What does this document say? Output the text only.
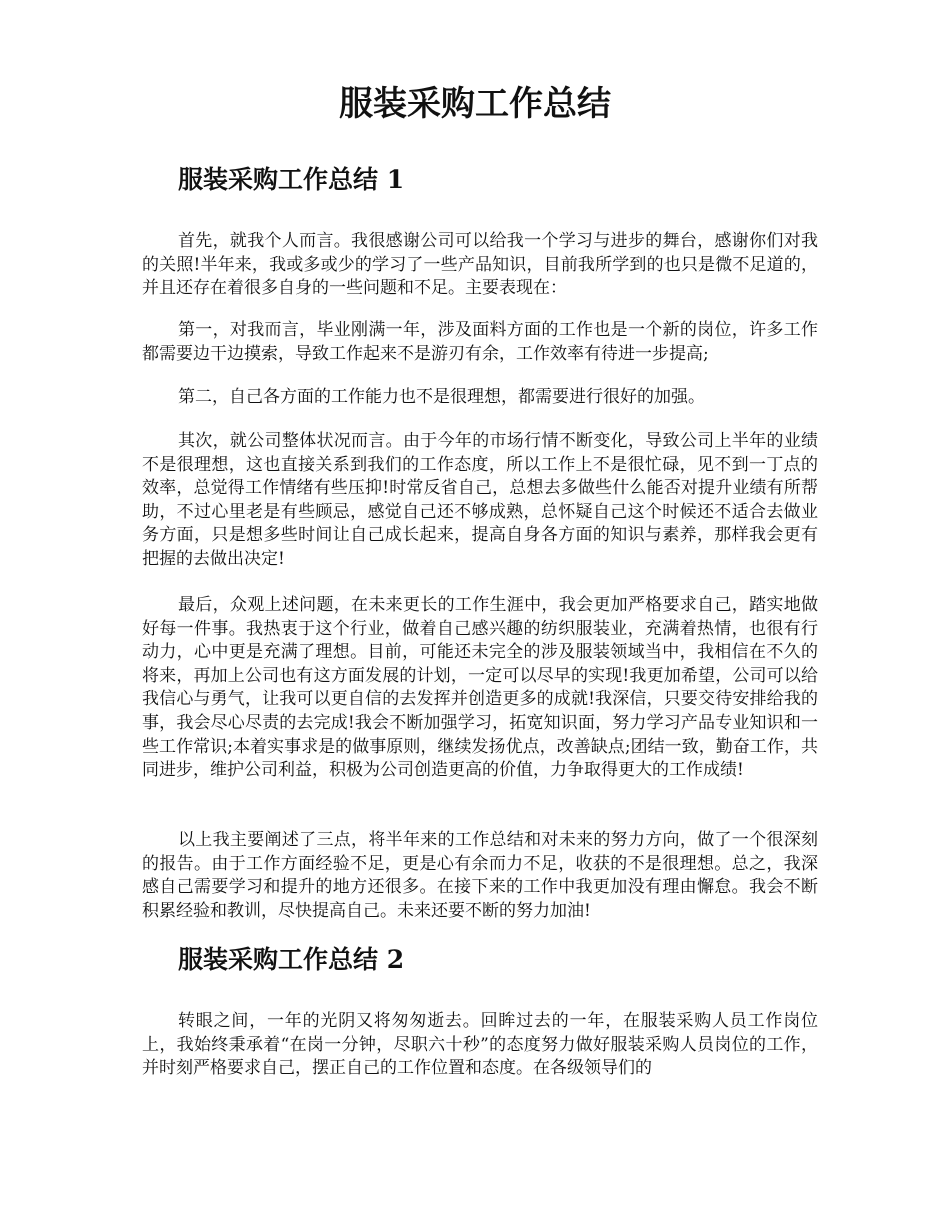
服装采购工作总结
服装采购工作总结 1

首先，就我个人而言。我很感谢公司可以给我一个学习与进步的舞台，感谢你们对我的关照!半年来，我或多或少的学习了一些产品知识，目前我所学到的也只是微不足道的，并且还存在着很多自身的一些问题和不足。主要表现在：

第一，对我而言，毕业刚满一年，涉及面料方面的工作也是一个新的岗位，许多工作都需要边干边摸索，导致工作起来不是游刃有余，工作效率有待进一步提高;

第二，自己各方面的工作能力也不是很理想，都需要进行很好的加强。

其次，就公司整体状况而言。由于今年的市场行情不断变化，导致公司上半年的业绩不是很理想，这也直接关系到我们的工作态度，所以工作上不是很忙碌，见不到一丁点的效率，总觉得工作情绪有些压抑!时常反省自己，总想去多做些什么能否对提升业绩有所帮助，不过心里老是有些顾忌，感觉自己还不够成熟，总怀疑自己这个时候还不适合去做业务方面，只是想多些时间让自己成长起来，提高自身各方面的知识与素养，那样我会更有把握的去做出决定!

最后，众观上述问题，在未来更长的工作生涯中，我会更加严格要求自己，踏实地做好每一件事。我热衷于这个行业，做着自己感兴趣的纺织服装业，充满着热情，也很有行动力，心中更是充满了理想。目前，可能还未完全的涉及服装领域当中，我相信在不久的将来，再加上公司也有这方面发展的计划，一定可以尽早的实现!我更加希望，公司可以给我信心与勇气，让我可以更自信的去发挥并创造更多的成就!我深信，只要交待安排给我的事，我会尽心尽责的去完成!我会不断加强学习，拓宽知识面，努力学习产品专业知识和一些工作常识;本着实事求是的做事原则，继续发扬优点，改善缺点;团结一致，勤奋工作，共同进步，维护公司利益，积极为公司创造更高的价值，力争取得更大的工作成绩!

以上我主要阐述了三点，将半年来的工作总结和对未来的努力方向，做了一个很深刻的报告。由于工作方面经验不足，更是心有余而力不足，收获的不是很理想。总之，我深感自己需要学习和提升的地方还很多。在接下来的工作中我更加没有理由懈怠。我会不断积累经验和教训，尽快提高自己。未来还要不断的努力加油!

服装采购工作总结 2

转眼之间，一年的光阴又将匆匆逝去。回眸过去的一年，在服装采购人员工作岗位上，我始终秉承着“在岗一分钟，尽职六十秒”的态度努力做好服装采购人员岗位的工作，并时刻严格要求自己，摆正自己的工作位置和态度。在各级领导们的
